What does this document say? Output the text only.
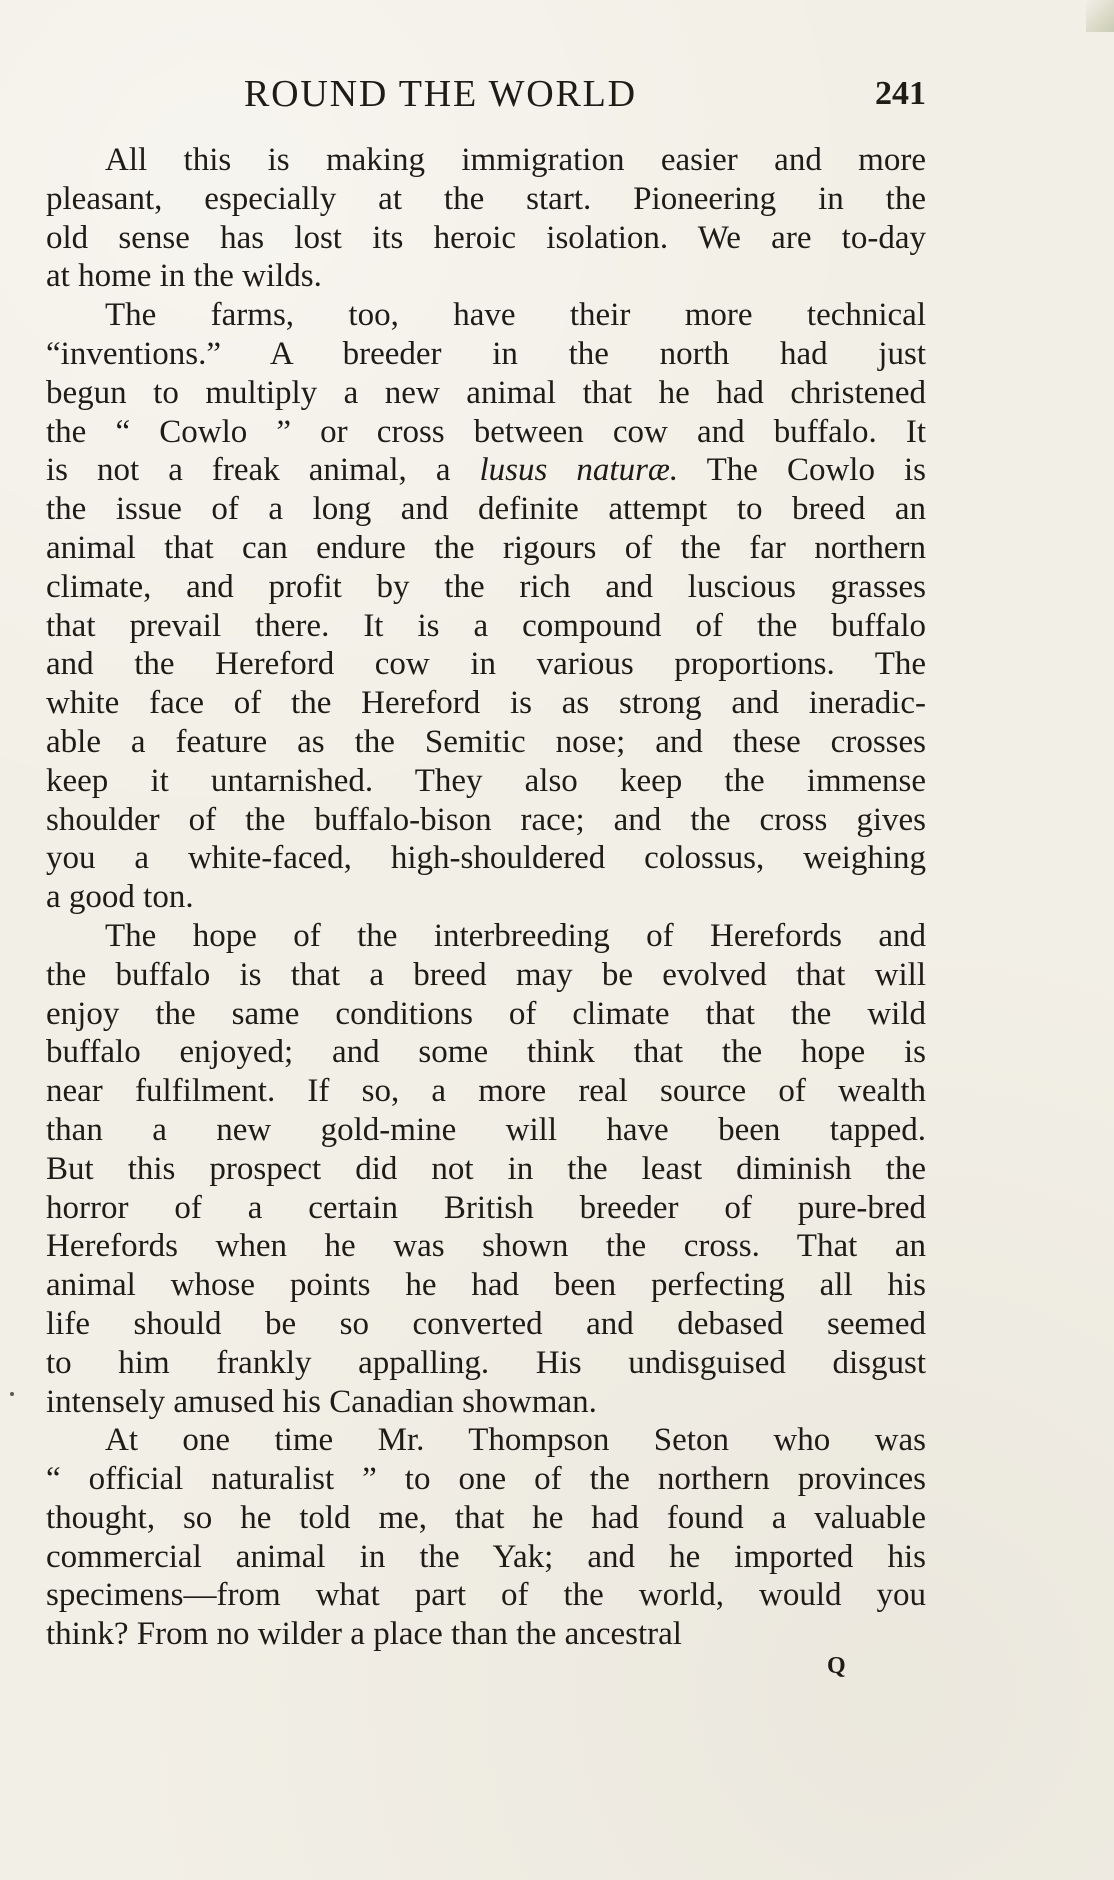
ROUND THE WORLD	241
All this is making immigration easier and more
pleasant, especially at the start. Pioneering in the
old sense has lost its heroic isolation. We are to-day
at home in the wilds.
The farms, too, have their more technical
“inventions.” A breeder in the north had just
begun to multiply a new animal that he had christened
the “ Cowlo ” or cross between cow and buffalo. It
is not a freak animal, a lusus naturæ. The Cowlo is
the issue of a long and definite attempt to breed an
animal that can endure the rigours of the far northern
climate, and profit by the rich and luscious grasses
that prevail there. It is a compound of the buffalo
and the Hereford cow in various proportions. The
white face of the Hereford is as strong and ineradic-
able a feature as the Semitic nose; and these crosses
keep it untarnished. They also keep the immense
shoulder of the buffalo-bison race; and the cross gives
you a white-faced, high-shouldered colossus, weighing
a good ton.
The hope of the interbreeding of Herefords and
the buffalo is that a breed may be evolved that will
enjoy the same conditions of climate that the wild
buffalo enjoyed; and some think that the hope is
near fulfilment. If so, a more real source of wealth
than a new gold-mine will have been tapped.
But this prospect did not in the least diminish the
horror of a certain British breeder of pure-bred
Herefords when he was shown the cross. That an
animal whose points he had been perfecting all his
life should be so converted and debased seemed
to him frankly appalling. His undisguised disgust
intensely amused his Canadian showman.
At one time Mr. Thompson Seton who was
“ official naturalist ” to one of the northern provinces
thought, so he told me, that he had found a valuable
commercial animal in the Yak; and he imported his
specimens—from what part of the world, would you
think? From no wilder a place than the ancestral
Q
